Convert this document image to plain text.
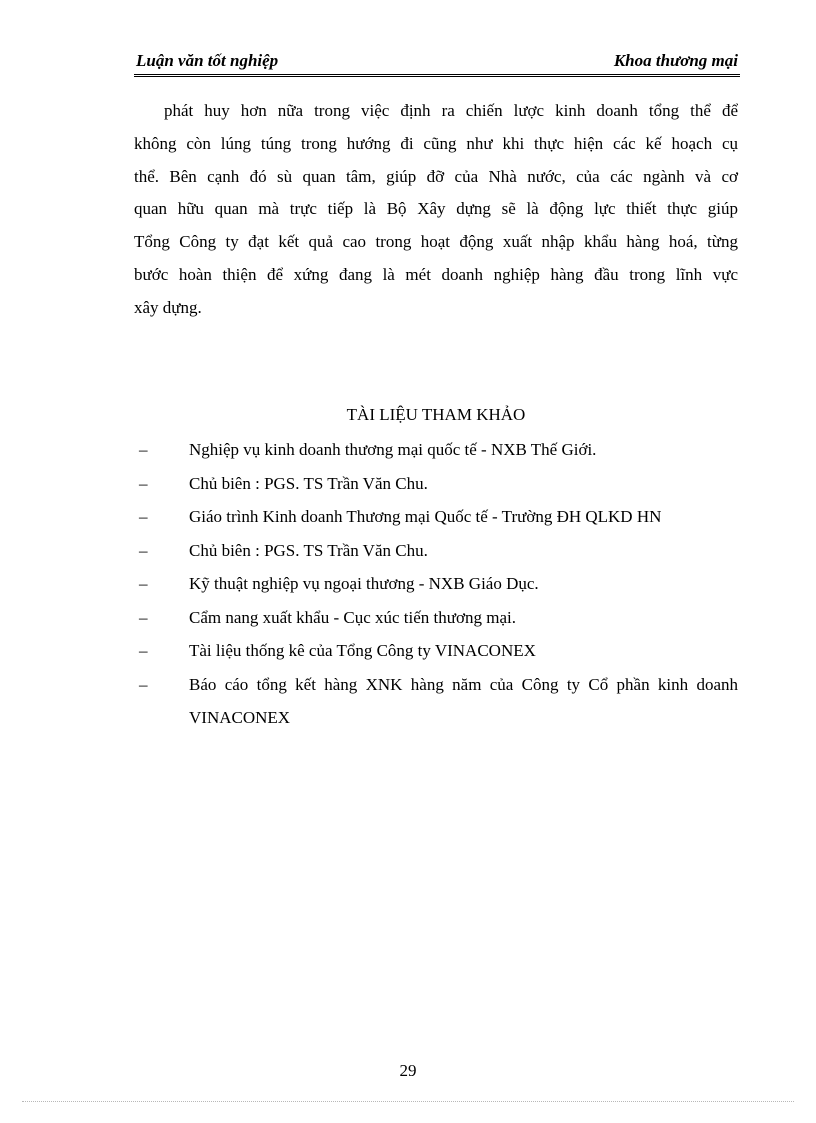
Luận văn tốt nghiệp	Khoa thương mại
phát huy hơn nữa trong việc định ra chiến lược kinh doanh tổng thể để
không còn lúng túng trong hướng đi cũng như khi thực hiện các kế hoạch cụ
thể. Bên cạnh đó sù quan tâm, giúp đỡ của Nhà nước, của các ngành và cơ
quan hữu quan mà trực tiếp là Bộ Xây dựng sẽ là động lực thiết thực giúp
Tổng Công ty đạt kết quả cao trong hoạt động xuất nhập khẩu hàng hoá, từng
bước hoàn thiện để xứng đang là mét doanh nghiệp hàng đầu trong lĩnh vực
xây dựng.
TÀI LIỆU THAM KHẢO
– Nghiệp vụ kinh doanh thương mại quốc tế - NXB Thế Giới.
– Chủ biên : PGS. TS Trần Văn Chu.
– Giáo trình Kinh doanh Thương mại Quốc tế - Trường ĐH QLKD HN
– Chủ biên : PGS. TS Trần Văn Chu.
– Kỹ thuật nghiệp vụ ngoại thương - NXB Giáo Dục.
– Cẩm nang xuất khẩu - Cục xúc tiến thương mại.
– Tài liệu thống kê của Tổng Công ty VINACONEX
– Báo cáo tổng kết hàng XNK hàng năm của Công ty Cổ phần kinh doanh VINACONEX
29
